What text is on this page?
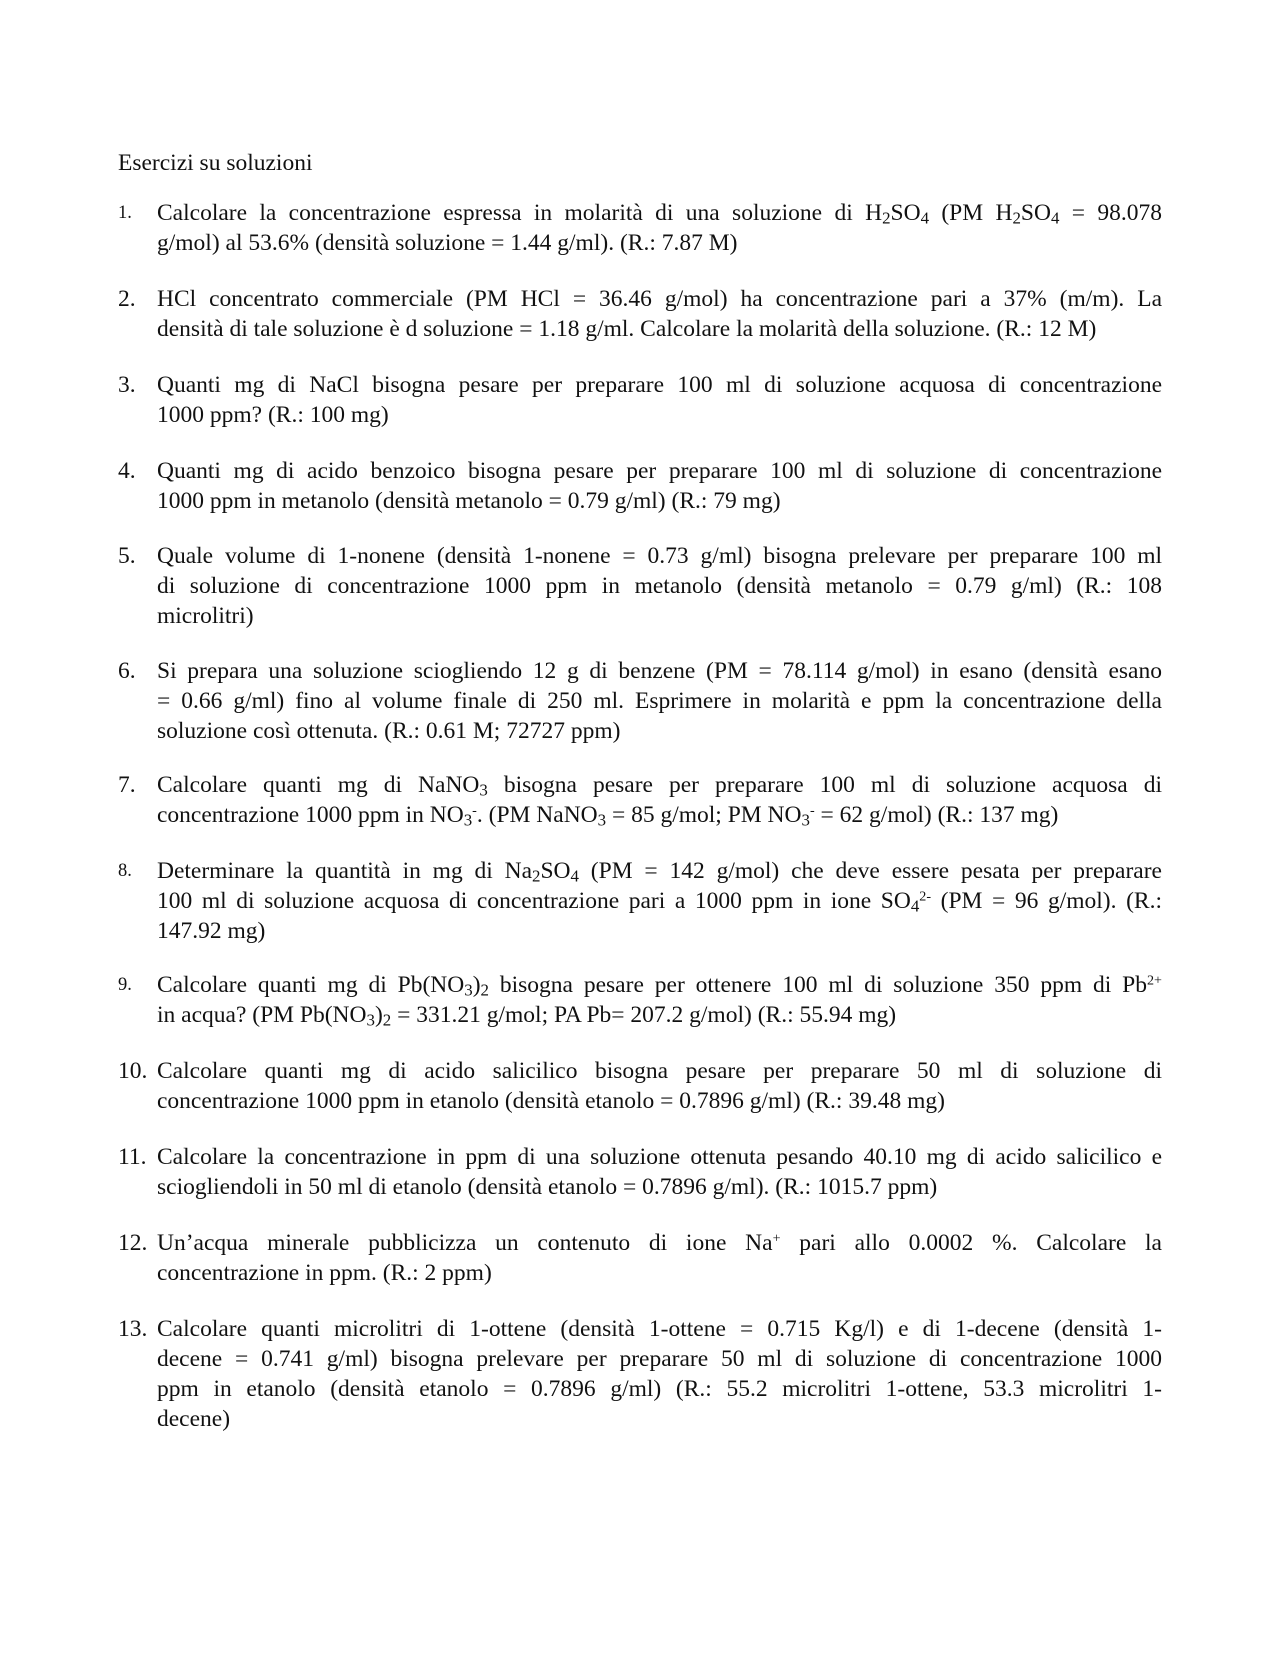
Esercizi su soluzioni
1. Calcolare la concentrazione espressa in molarità di una soluzione di H2SO4 (PM H2SO4 = 98.078
g/mol) al 53.6% (densità soluzione = 1.44 g/ml). (R.: 7.87 M)
2. HCl concentrato commerciale (PM HCl = 36.46 g/mol) ha concentrazione pari a 37% (m/m). La
densità di tale soluzione è d soluzione = 1.18 g/ml. Calcolare la molarità della soluzione. (R.: 12 M)
3. Quanti mg di NaCl bisogna pesare per preparare 100 ml di soluzione acquosa di concentrazione
1000 ppm? (R.: 100 mg)
4. Quanti mg di acido benzoico bisogna pesare per preparare 100 ml di soluzione di concentrazione
1000 ppm in metanolo (densità metanolo = 0.79 g/ml) (R.: 79 mg)
5. Quale volume di 1-nonene (densità 1-nonene = 0.73 g/ml) bisogna prelevare per preparare 100 ml
di soluzione di concentrazione 1000 ppm in metanolo (densità metanolo = 0.79 g/ml) (R.: 108
microlitri)
6. Si prepara una soluzione sciogliendo 12 g di benzene (PM = 78.114 g/mol) in esano (densità esano
= 0.66 g/ml) fino al volume finale di 250 ml. Esprimere in molarità e ppm la concentrazione della
soluzione così ottenuta. (R.: 0.61 M; 72727 ppm)
7. Calcolare quanti mg di NaNO3 bisogna pesare per preparare 100 ml di soluzione acquosa di
concentrazione 1000 ppm in NO3-. (PM NaNO3 = 85 g/mol; PM NO3- = 62 g/mol) (R.: 137 mg)
8. Determinare la quantità in mg di Na2SO4 (PM = 142 g/mol) che deve essere pesata per preparare
100 ml di soluzione acquosa di concentrazione pari a 1000 ppm in ione $SO4^{2-}$ (PM = 96 g/mol). (R.:
147.92 mg)
9. Calcolare quanti mg di Pb(NO3)2 bisogna pesare per ottenere 100 ml di soluzione 350 ppm di $Pb^{2+}$
in acqua? (PM Pb(NO3)2 = 331.21 g/mol; PA Pb= 207.2 g/mol) (R.: 55.94 mg)
10. Calcolare quanti mg di acido salicilico bisogna pesare per preparare 50 ml di soluzione di
concentrazione 1000 ppm in etanolo (densità etanolo = 0.7896 g/ml) (R.: 39.48 mg)
11. Calcolare la concentrazione in ppm di una soluzione ottenuta pesando 40.10 mg di acido salicilico e
sciogliendoli in 50 ml di etanolo (densità etanolo = 0.7896 g/ml). (R.: 1015.7 ppm)
12. Un’acqua minerale pubblicizza un contenuto di ione Na+ pari allo 0.0002 %. Calcolare la
concentrazione in ppm. (R.: 2 ppm)
13. Calcolare quanti microlitri di 1-ottene (densità 1-ottene = 0.715 Kg/l) e di 1-decene (densità 1-
decene = 0.741 g/ml) bisogna prelevare per preparare 50 ml di soluzione di concentrazione 1000
ppm in etanolo (densità etanolo = 0.7896 g/ml) (R.: 55.2 microlitri 1-ottene, 53.3 microlitri 1-
decene)
